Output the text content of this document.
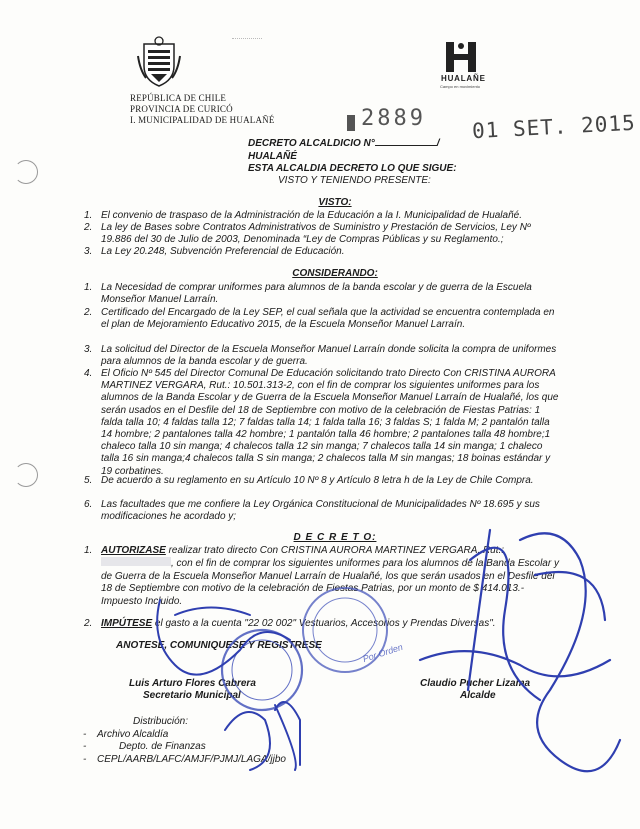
REPÚBLICA DE CHILE
PROVINCIA DE CURICÓ
I. MUNICIPALIDAD DE HUALAÑÉ
HUALAÑE
Campo en movimiento
2889 01 SET. 2015
DECRETO ALCALDICIO N°	/
HUALAÑÉ
ESTA ALCALDIA DECRETO LO QUE SIGUE:
VISTO Y TENIENDO PRESENTE:
VISTO:
1. El convenio de traspaso de la Administración de la Educación a la I. Municipalidad de Hualañé.
2. La ley de Bases sobre Contratos Administrativos de Suministro y Prestación de Servicios, Ley Nº 19.886 del 30 de Julio de 2003, Denominada “Ley de Compras Públicas y su Reglamento.;
3. La Ley 20.248, Subvención Preferencial de Educación.
CONSIDERANDO:
1. La Necesidad de comprar uniformes para alumnos de la banda escolar y de guerra de la Escuela Monseñor Manuel Larraín.
2. Certificado del Encargado de la Ley SEP, el cual señala que la actividad se encuentra contemplada en el plan de Mejoramiento Educativo 2015, de la Escuela Monseñor Manuel Larraín.
3. La solicitud del Director de la Escuela Monseñor Manuel Larraín donde solicita la compra de uniformes para alumnos de la banda escolar y de guerra.
4. El Oficio Nº 545 del Director Comunal De Educación solicitando trato Directo Con CRISTINA AURORA MARTINEZ VERGARA, Rut.: 10.501.313-2, con el fin de comprar los siguientes uniformes para los alumnos de la Banda Escolar y de Guerra de la Escuela Monseñor Manuel Larraín de Hualañé, los que serán usados en el Desfile del 18 de Septiembre con motivo de la celebración de Fiestas Patrias: 1 falda talla 10; 4 faldas talla 12; 7 faldas talla 14; 1 falda talla 16; 3 faldas S; 1 falda M; 2 pantalón talla 14 hombre; 2 pantalones talla 42 hombre; 1 pantalón talla 46 hombre; 2 pantalones talla 48 hombre;1 chaleco talla 10 sin manga; 4 chalecos talla 12 sin manga; 7 chalecos talla 14 sin manga; 1 chaleco talla 16 sin manga;4 chalecos talla S sin manga; 2 chalecos talla M sin mangas; 18 boinas estándar y 19 corbatines.
5. De acuerdo a su reglamento en su Artículo 10 Nº 8 y Artículo 8 letra h de la Ley de Chile Compra.
6. Las facultades que me confiere la Ley Orgánica Constitucional de Municipalidades Nº 18.695 y sus modificaciones he acordado y;
D E C R E T O:
1. AUTORIZASE realizar trato directo Con CRISTINA AURORA MARTINEZ VERGARA, Rut.: , con el fin de comprar los siguientes uniformes para los alumnos de la Banda Escolar y de Guerra de la Escuela Monseñor Manuel Larraín de Hualañé, los que serán usados en el Desfile del 18 de Septiembre con motivo de la celebración de Fiestas Patrias, por un monto de $ 414.013.- Impuesto Incluido.
2. IMPÚTESE el gasto a la cuenta "22 02 002" Vestuarios, Accesorios y Prendas Diversas".
ANOTESE, COMUNIQUESE Y REGISTRESE
Luis Arturo Flores Cabrera
Secretario Municipal
Claudio Pucher Lizama
Alcalde
Distribución:
- Archivo Alcaldía
-	Depto. de Finanzas
- CEPL/AARB/LAFC/AMJF/PJMJ/LAGA/jjbo
Por Orden
